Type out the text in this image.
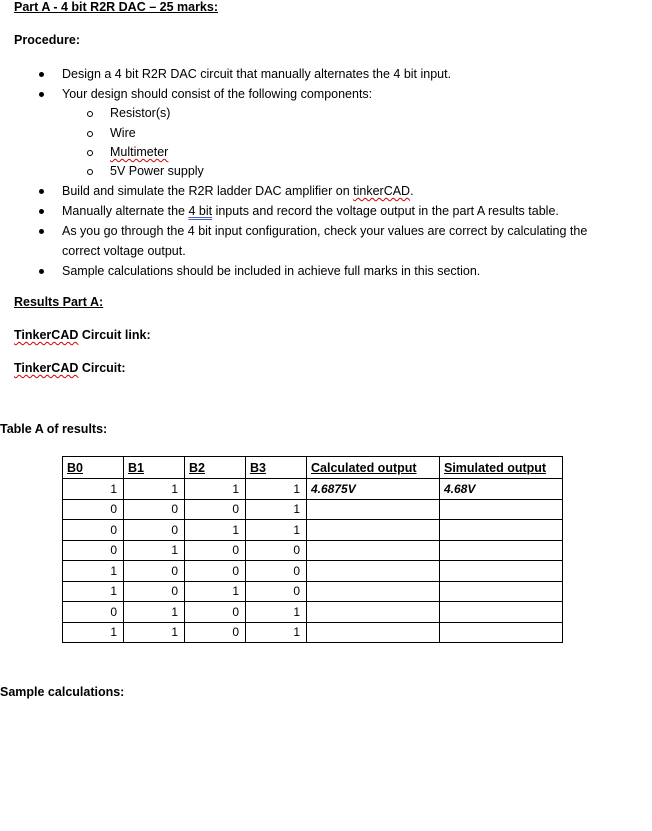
Part A - 4 bit R2R DAC – 25 marks:
Procedure:
Design a 4 bit R2R DAC circuit that manually alternates the 4 bit input.
Your design should consist of the following components:
Resistor(s)
Wire
Multimeter
5V Power supply
Build and simulate the R2R ladder DAC amplifier on tinkerCAD.
Manually alternate the 4 bit inputs and record the voltage output in the part A results table.
As you go through the 4 bit input configuration, check your values are correct by calculating the
correct voltage output.
Sample calculations should be included in achieve full marks in this section.
Results Part A:
TinkerCAD Circuit link:
TinkerCAD Circuit:
Table A of results:
B0	B1	B2	B3	Calculated output	Simulated output
1	1	1	1	4.6875V	4.68V
0	0	0	1		
0	0	1	1		
0	1	0	0		
1	0	0	0		
1	0	1	0		
0	1	0	1		
1	1	0	1		
Sample calculations:
